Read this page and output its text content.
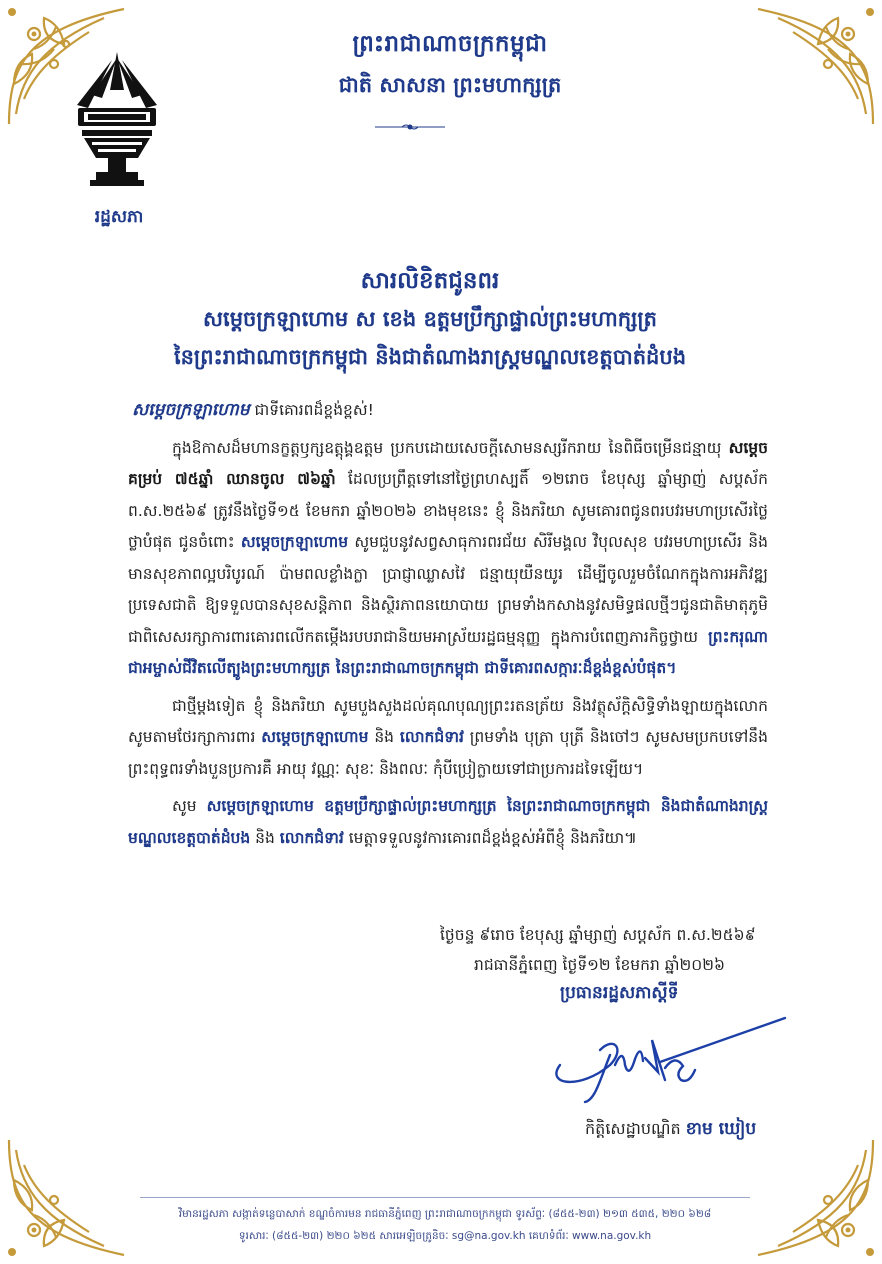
រដ្ឋសភា
ព្រះរាជាណាចក្រកម្ពុជា
ជាតិ សាសនា ព្រះមហាក្សត្រ
សារលិខិតជូនពរ
សម្តេចក្រឡាហោម ស ខេង ឧត្តមប្រឹក្សាផ្ទាល់ព្រះមហាក្សត្រ
នៃព្រះរាជាណាចក្រកម្ពុជា និងជាតំណាងរាស្ត្រមណ្ឌលខេត្តបាត់ដំបង
សម្តេចក្រឡាហោម ជាទីគោរពដ៏ខ្ពង់ខ្ពស់!

ក្នុងឱកាសដ៏មហានក្ខត្តឫក្សឧត្តុង្គឧត្តម ប្រកបដោយសេចក្តីសោមនស្សរីករាយ នៃពិធីចម្រើនជន្មាយុ សម្តេច គម្រប់ ៧៥ឆ្នាំ ឈានចូល ៧៦ឆ្នាំ ដែលប្រព្រឹត្តទៅនៅថ្ងៃព្រហស្បតិ៍ ១២រោច ខែបុស្ស ឆ្នាំម្សាញ់ សប្តស័ក ព.ស.២៥៦៩ ត្រូវនឹងថ្ងៃទី១៥ ខែមករា ឆ្នាំ២០២៦ ខាងមុខនេះ ខ្ញុំ និងភរិយា សូមគោរពជូនពរបវរមហាប្រសើរថ្លៃថ្លាបំផុត ជូនចំពោះ សម្តេចក្រឡាហោម សូមជួបនូវសព្វសាធុការពរជ័យ សិរីមង្គល វិបុលសុខ បវរមហាប្រសើរ និងមានសុខភាពល្អបរិបូរណ៍ ប៉ាមពលខ្លាំងក្លា ប្រាជ្ញាឈ្លាសវៃ ជន្មាយុយឺនយូរ ដើម្បីចូលរួមចំណែកក្នុងការអភិវឌ្ឍប្រទេសជាតិ ឱ្យទទួលបានសុខសន្តិភាព និងស្ថិរភាពនយោបាយ ព្រមទាំងកសាងនូវសមិទ្ធផលថ្មីៗជូនជាតិមាតុភូមិ ជាពិសេសរក្សាការពារគោរពលើកតម្កើងរបបរាជានិយមអាស្រ័យរដ្ឋធម្មនុញ្ញ ក្នុងការបំពេញភារកិច្ចថ្វាយ ព្រះករុណាជាអម្ចាស់ជីវិតលើត្បូងព្រះមហាក្សត្រ នៃព្រះរាជាណាចក្រកម្ពុជា ជាទីគោរពសក្ការៈដ៏ខ្ពង់ខ្ពស់បំផុត។

ជាថ្មីម្តងទៀត ខ្ញុំ និងភរិយា សូមបួងសួងដល់គុណបុណ្យព្រះរតនត្រ័យ និងវត្ថុស័ក្តិសិទ្ធិទាំងឡាយក្នុងលោក សូមតាមថែរក្សាការពារ សម្តេចក្រឡាហោម និង លោកជំទាវ ព្រមទាំង បុត្រា បុត្រី និងចៅៗ សូមសមប្រកបទៅនឹងព្រះពុទ្ធពរទាំងបួនប្រការគឺ អាយុ វណ្ណៈ សុខៈ និងពលៈ កុំបីប្រៀក្លាយទៅជាប្រការដទៃឡើយ។

សូម សម្តេចក្រឡាហោម ឧត្តមប្រឹក្សាផ្ទាល់ព្រះមហាក្សត្រ នៃព្រះរាជាណាចក្រកម្ពុជា និងជាតំណាងរាស្ត្រមណ្ឌលខេត្តបាត់ដំបង និង លោកជំទាវ មេត្តាទទួលនូវការគោរពដ៏ខ្ពង់ខ្ពស់អំពីខ្ញុំ និងភរិយា៕

ថ្ងៃចន្ទ ៩រោច ខែបុស្ស ឆ្នាំម្សាញ់ សប្តស័ក ព.ស.២៥៦៩
រាជធានីភ្នំពេញ ថ្ងៃទី១២ ខែមករា ឆ្នាំ២០២៦
ប្រធានរដ្ឋសភាស្តីទី
កិត្តិសេដ្ឋាបណ្ឌិត ខាម ឃៀប
វិមានរដ្ឋសភា សង្កាត់ទន្លេបាសាក់ ខណ្ឌចំការមន រាជធានីភ្នំពេញ ព្រះរាជាណាចក្រកម្ពុជា ទូរស័ព្ទៈ (៨៥៥-២៣) ២១៣ ៥៣៥, ២២០ ៦២៨
ទូរសារៈ (៨៥៥-២៣) ២២០ ៦២៥ សារអេឡិចត្រូនិចៈ sg@na.gov.kh គេហទំព័រៈ www.na.gov.kh
